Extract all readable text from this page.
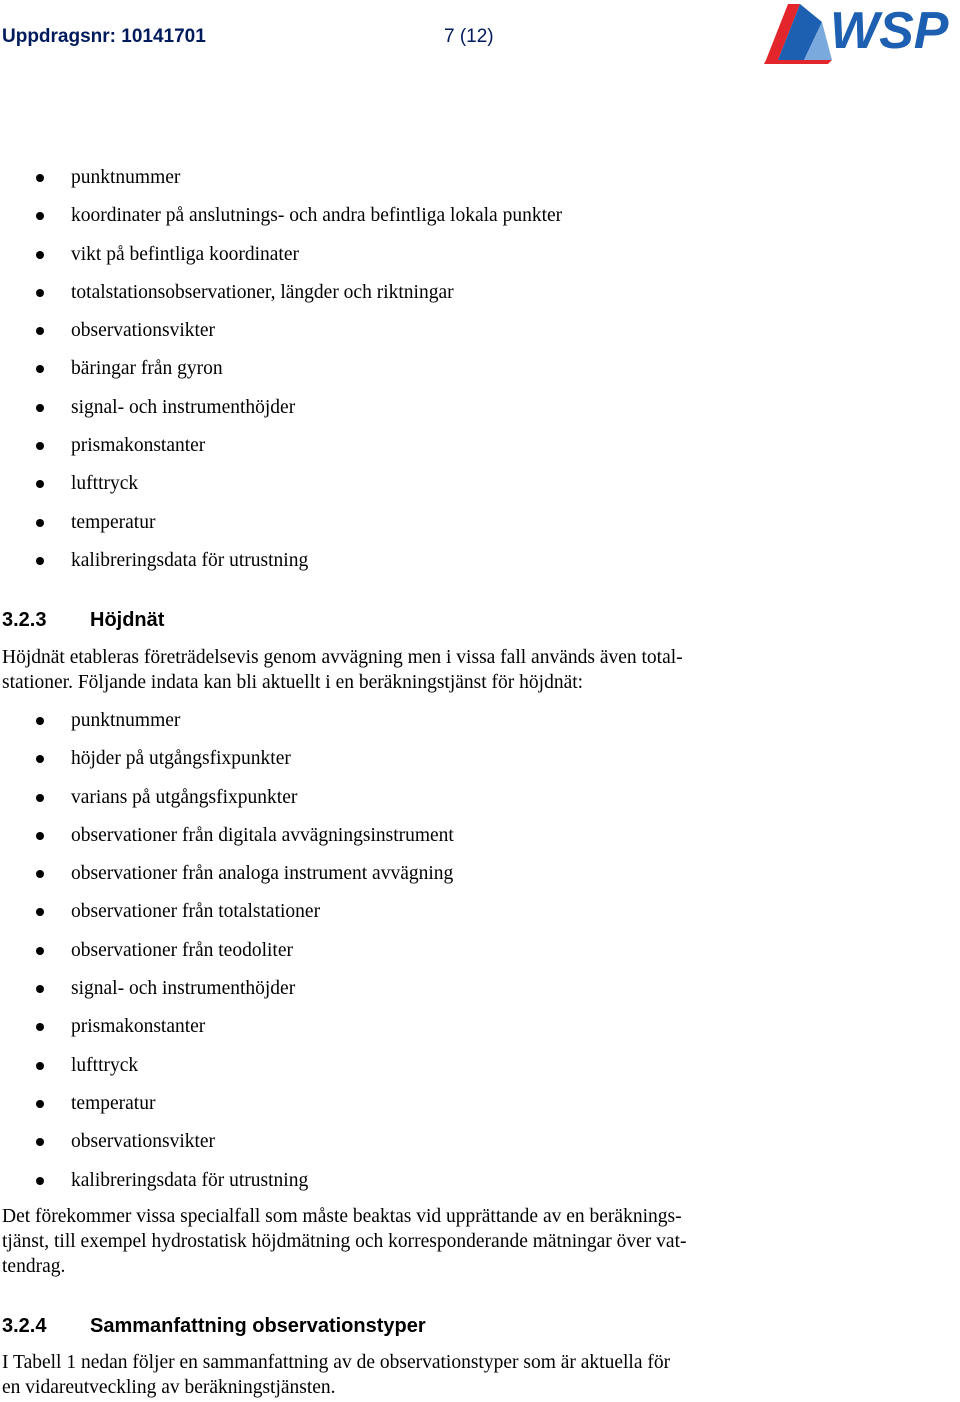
Uppdragsnr: 10141701	7 (12)	WSP
punktnummer
koordinater på anslutnings- och andra befintliga lokala punkter
vikt på befintliga koordinater
totalstationsobservationer, längder och riktningar
observationsvikter
bäringar från gyron
signal- och instrumenthöjder
prismakonstanter
lufttryck
temperatur
kalibreringsdata för utrustning
3.2.3 Höjdnät
Höjdnät etableras företrädelsevis genom avvägning men i vissa fall används även total-
stationer. Följande indata kan bli aktuellt i en beräkningstjänst för höjdnät:
punktnummer
höjder på utgångsfixpunkter
varians på utgångsfixpunkter
observationer från digitala avvägningsinstrument
observationer från analoga instrument avvägning
observationer från totalstationer
observationer från teodoliter
signal- och instrumenthöjder
prismakonstanter
lufttryck
temperatur
observationsvikter
kalibreringsdata för utrustning
Det förekommer vissa specialfall som måste beaktas vid upprättande av en beräknings-
tjänst, till exempel hydrostatisk höjdmätning och korresponderande mätningar över vat-
tendrag.
3.2.4 Sammanfattning observationstyper
I Tabell 1 nedan följer en sammanfattning av de observationstyper som är aktuella för
en vidareutveckling av beräkningstjänsten.
